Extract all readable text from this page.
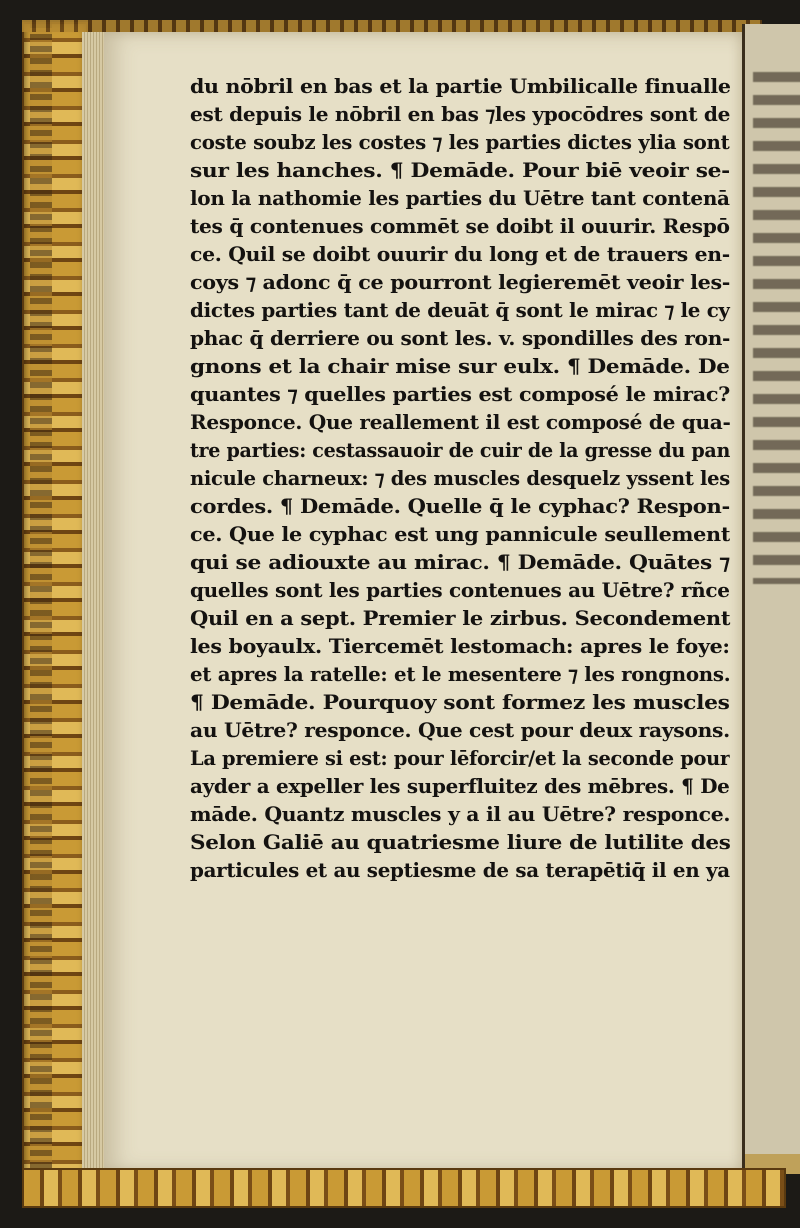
du nōbril en bas et la partie Umbilicalle finualle
est depuis le nōbril en bas ⁊les ypocōdres sont de
coste soubz les costes ⁊ les parties dictes ylia sont
sur les hanches. ¶ Demāde. Pour biē veoir se-
lon la nathomie les parties du Uētre tant contenā
tes q̄ contenues commēt se doibt il ouurir. Respō
ce. Quil se doibt ouurir du long et de trauers en-
coys ⁊ adonc q̄ ce pourront legieremēt veoir les-
dictes parties tant de deuāt q̄ sont le mirac ⁊ le cy
phac q̄ derriere ou sont les. v. spondilles des ron-
gnons et la chair mise sur eulx. ¶ Demāde. De
quantes ⁊ quelles parties est composé le mirac?
Responce. Que reallement il est composé de qua-
tre parties: cestassauoir de cuir de la gresse du pan
nicule charneux: ⁊ des muscles desquelz yssent les
cordes. ¶ Demāde. Quelle q̄ le cyphac? Respon-
ce. Que le cyphac est ung pannicule seullement
qui se adiouxte au mirac. ¶ Demāde. Quātes ⁊
quelles sont les parties contenues au Uētre? rñce
Quil en a sept. Premier le zirbus. Secondement
les boyaulx. Tiercemēt lestomach: apres le foye:
et apres la ratelle: et le mesentere ⁊ les rongnons.
¶ Demāde. Pourquoy sont formez les muscles
au Uētre? responce. Que cest pour deux raysons.
La premiere si est: pour lēforcir/et la seconde pour
ayder a expeller les superfluitez des mēbres. ¶ De
māde. Quantz muscles y a il au Uētre? responce.
Selon Galiē au quatriesme liure de lutilite des
particules et au septiesme de sa terapētiq̄ il en ya
